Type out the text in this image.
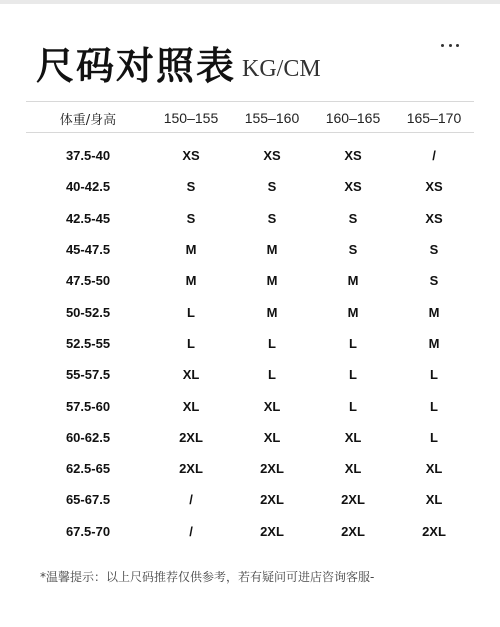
尺码对照表 KG/CM
体重/身高	150–155	155–160	160–165	165–170
37.5-40	XS	XS	XS	/
40-42.5	S	S	XS	XS
42.5-45	S	S	S	XS
45-47.5	M	M	S	S
47.5-50	M	M	M	S
50-52.5	L	M	M	M
52.5-55	L	L	L	M
55-57.5	XL	L	L	L
57.5-60	XL	XL	L	L
60-62.5	2XL	XL	XL	L
62.5-65	2XL	2XL	XL	XL
65-67.5	/	2XL	2XL	XL
67.5-70	/	2XL	2XL	2XL
*温馨提示：以上尺码推荐仅供参考，若有疑问可进店咨询客服-
